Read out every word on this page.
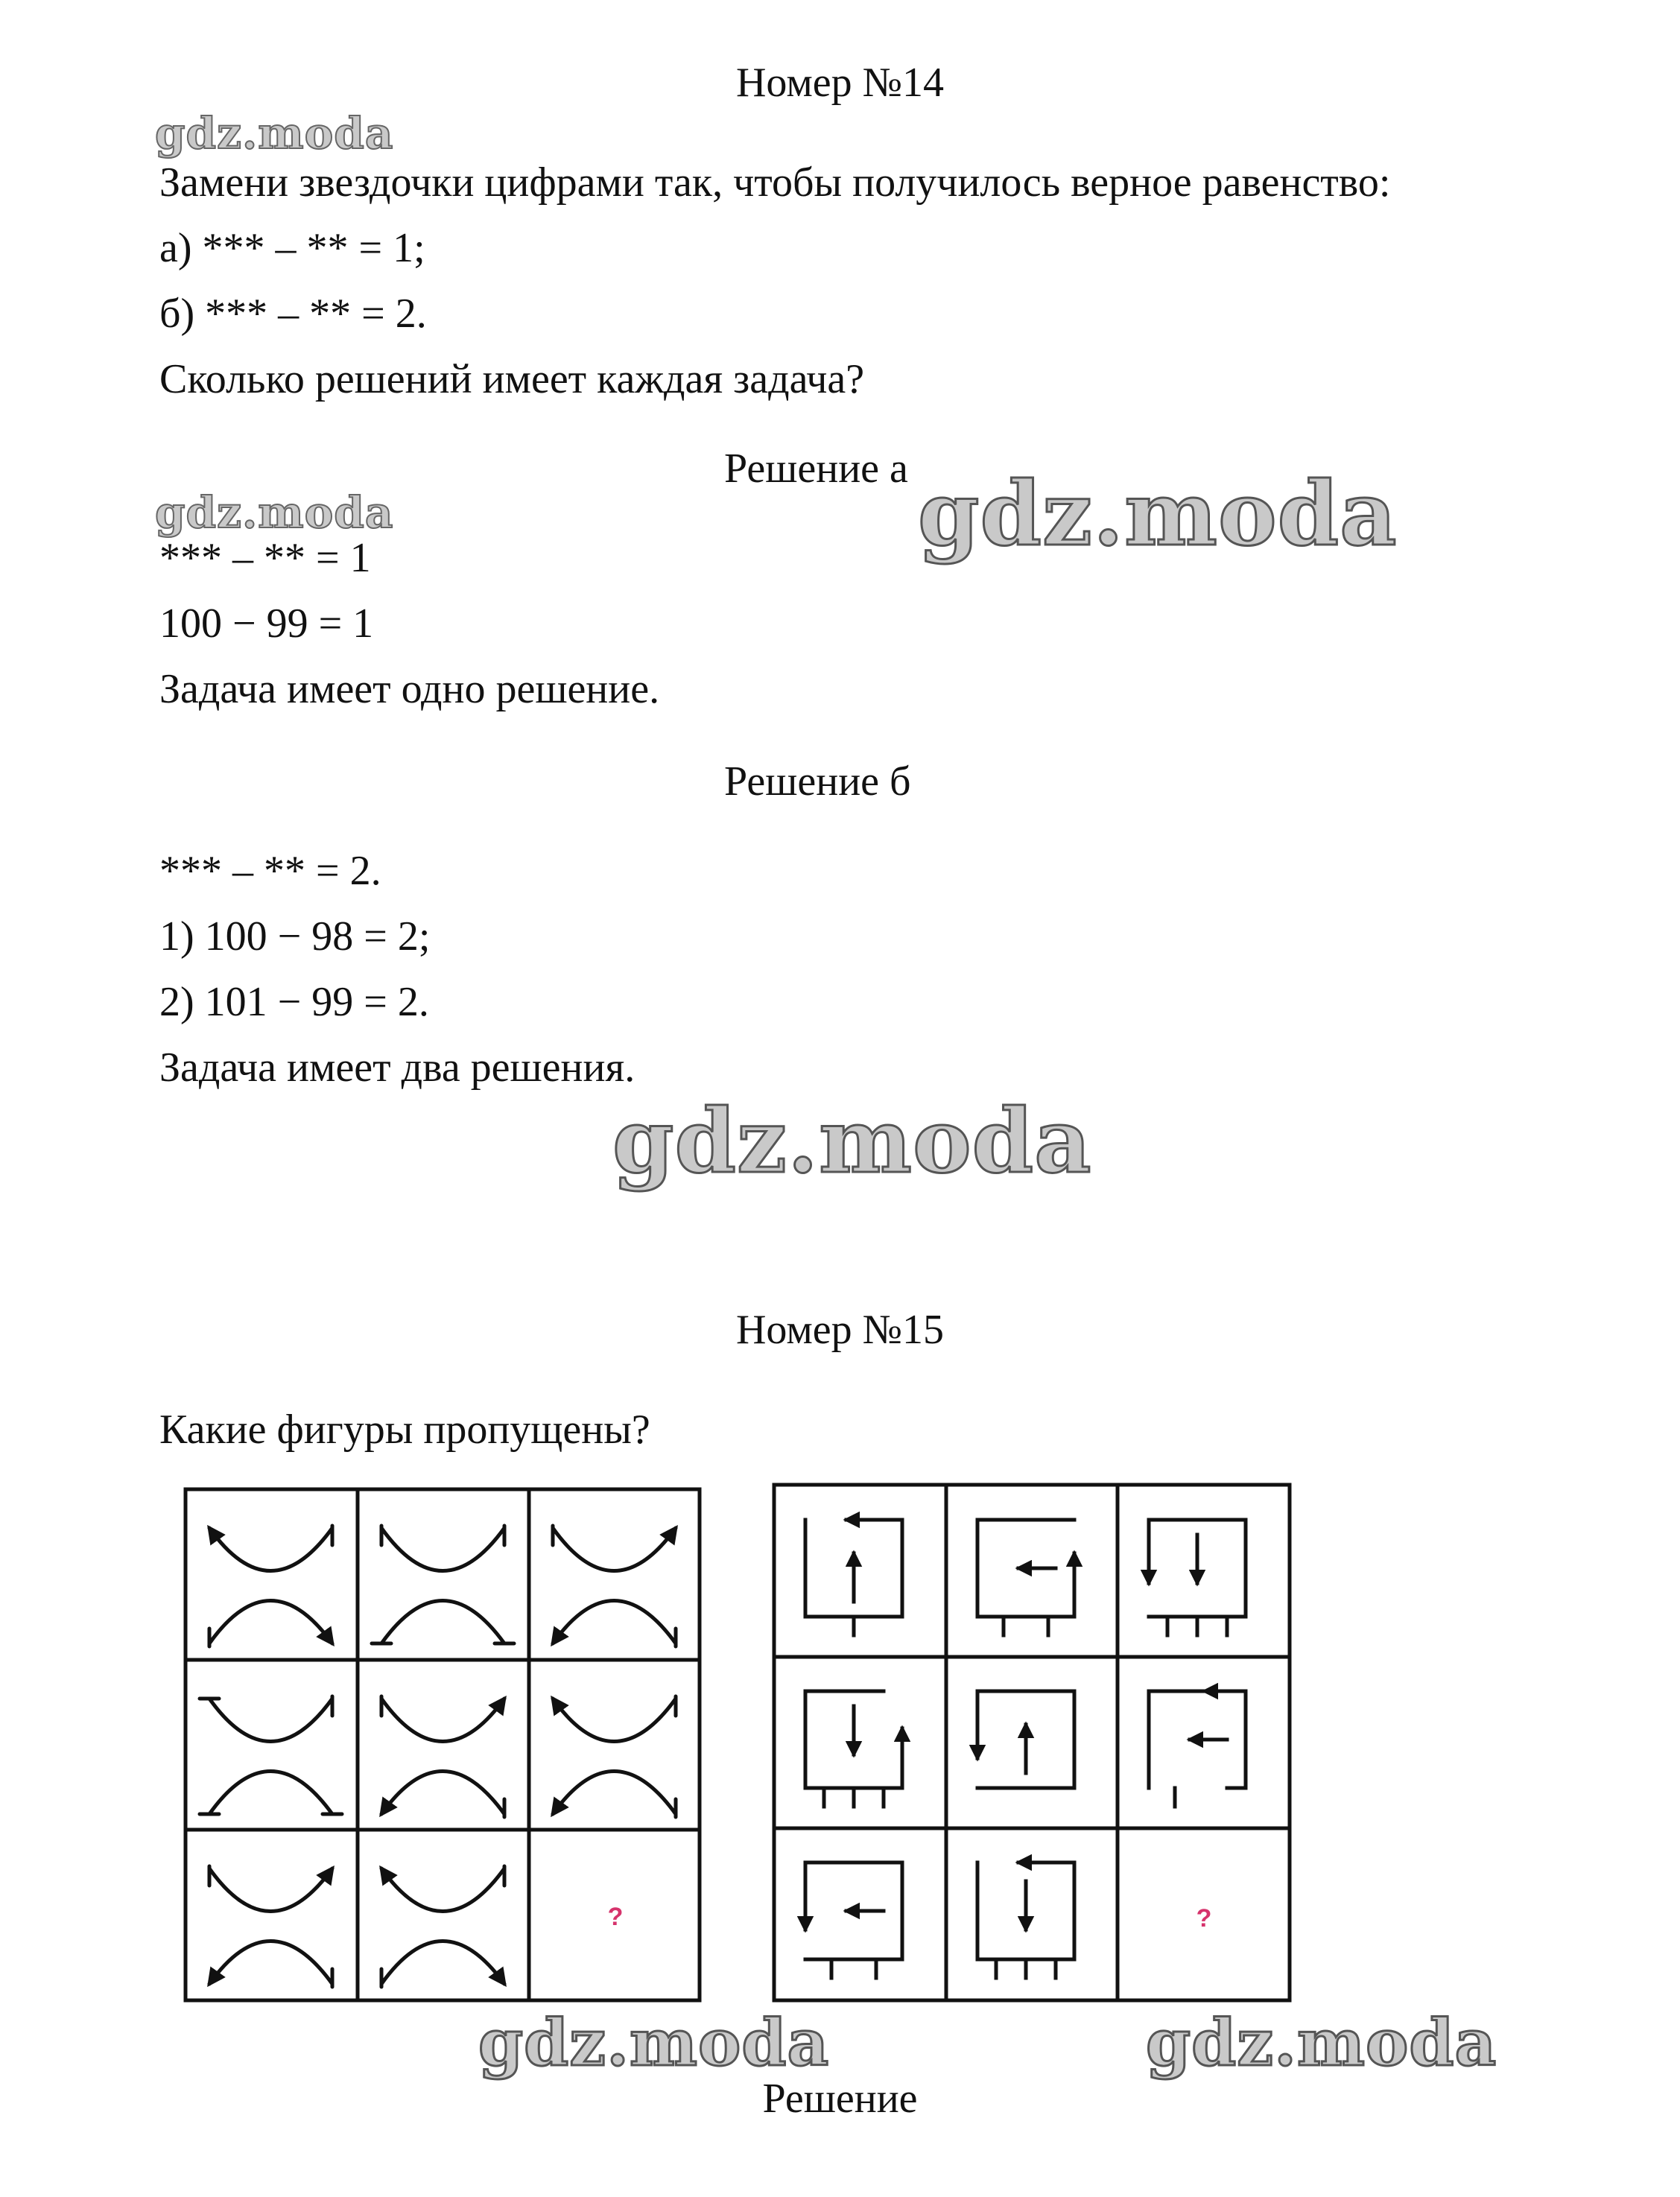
Номер №14
gdz.moda
Замени звездочки цифрами так, чтобы получилось верное равенство:
а) *** – ** = 1;
б) *** – ** = 2.
Сколько решений имеет каждая задача?
Решение а gdz.moda
gdz.moda
*** – ** = 1
100 − 99 = 1
Задача имеет одно решение.
Решение б
*** – ** = 2.
1) 100 − 98 = 2;
2) 101 − 99 = 2.
Задача имеет два решения.
gdz.moda
Номер №15
Какие фигуры пропущены?
?	?
gdz.moda	gdz.moda
Решение
